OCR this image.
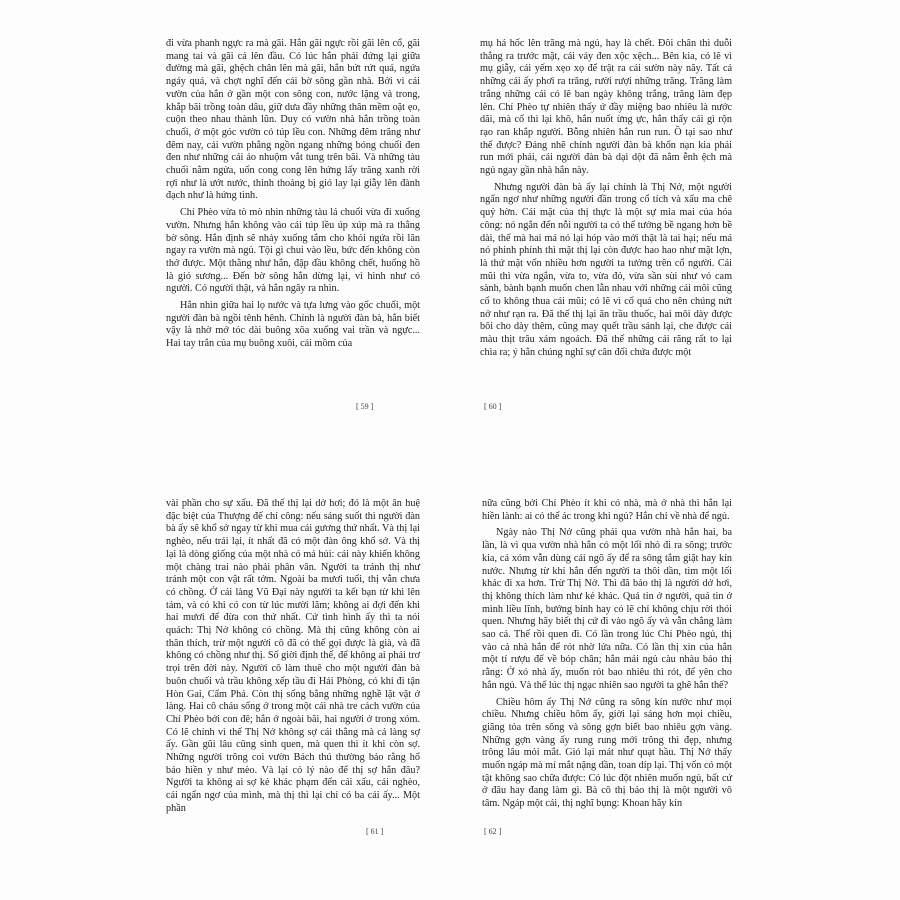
đi vừa phanh ngực ra mà gãi. Hắn gãi ngực rồi gãi lên cổ, gãi mang tai và gãi cả lên đầu. Có lúc hắn phải đứng lại giữa đường mà gãi, ghệch chân lên mà gãi, hắn bứt rứt quá, ngứa ngáy quá, và chợt nghĩ đến cái bờ sông gần nhà. Bởi vì cái vườn của hắn ở gần một con sông con, nước lặng và trong, khắp bãi trồng toàn dâu, giữ dưa đầy những thân mềm oặt ẹo, cuộn theo nhau thành lũn. Duy có vườn nhà hắn trồng toàn chuối, ở một góc vườn có túp lều con. Những đêm trăng như đêm nay, cái vườn phẳng ngồn ngang những bóng chuối đen đen như những cái áo nhuộm vắt tung trên bãi. Và những tàu chuối nằm ngửa, uốn cong cong lên hứng lấy trăng xanh rời rợi như là ướt nước, thỉnh thoảng bị gió lay lại giẫy lên đành đạch như là hứng tình.

Chí Phèo vừa tò mò nhìn những tàu lá chuối vừa đi xuống vườn. Nhưng hắn không vào cái túp lều úp xúp mà ra thẳng bờ sông. Hắn định sẽ nhảy xuống tắm cho khỏi ngứa rồi lăn ngay ra vườn mà ngủ. Tội gì chui vào lều, bức đến không còn thở được. Một thằng như hắn, đập đầu không chết, huống hồ là gió sương... Đến bờ sông hắn dừng lại, vì hình như có người. Có người thật, và hắn ngây ra nhìn.

Hắn nhìn giữa hai lọ nước và tựa lưng vào gốc chuối, một người đàn bà ngồi tênh hênh. Chính là người đàn bà, hắn biết vậy là nhờ mớ tóc dài buông xõa xuống vai trần và ngực... Hai tay trắn của mụ buông xuôi, cái mồm của

[ 59 ]

mụ há hốc lên trăng mà ngủ, hay là chết. Đôi chân thì duỗi thẳng ra trước mặt, cái váy đen xộc xệch... Bên kia, có lẽ vì mụ giẫy, cái yếm xẹo xọ để trật ra cái sườn này nãy. Tất cả những cái ấy phơi ra trăng, rười rượi những trăng. Trăng làm trắng những cái có lẽ ban ngày không trắng, trăng làm đẹp lên. Chí Phèo tự nhiên thấy ứ đầy miệng bao nhiêu là nước dãi, mà cổ thì lại khô, hắn nuốt ừng ực, hắn thấy cái gì rộn rạo ran khắp người. Bỗng nhiên hắn run run. Ồ tại sao như thế được? Đáng nhẽ chính người đàn bà khốn nạn kia phải run mới phải, cái người đàn bà dại dột đã nằm ễnh ệch mà ngủ ngay gần nhà hắn này.

Nhưng người đàn bà ấy lại chính là Thị Nở, một người ngẩn ngơ như những người đần trong cổ tích và xấu ma chê quỷ hờn. Cái mặt của thị thực là một sự mỉa mai của hóa công: nó ngắn đến nỗi người ta có thể tưởng bề ngang hơn bề dài, thế mà hai má nó lại hóp vào mới thật là tai hại; nếu má nó phinh phính thì mặt thị lại còn được hao hao như mặt lợn, là thứ mặt vốn nhiều hơn người ta tưởng trên cổ người. Cái mũi thì vừa ngắn, vừa to, vừa đỏ, vừa sần sùi như vỏ cam sành, bành bạnh muốn chen lẫn nhau với những cái môi cũng cố to không thua cái mũi; có lẽ vì cố quá cho nên chúng nứt nở như rạn ra. Đã thế thị lại ăn trầu thuốc, hai môi dày được bôi cho dày thêm, cũng may quết trầu sánh lại, che được cái màu thịt trâu xám ngoách. Đã thế những cái răng rất to lại chìa ra; ý hẳn chúng nghĩ sự cân đối chứa được một

[ 60 ]

vài phần cho sự xấu. Đã thế thị lại dở hơi; đó là một ân huệ đặc biệt của Thượng đế chí công: nếu sáng suốt thì người đàn bà ấy sẽ khổ sở ngay từ khi mua cái gương thứ nhất. Và thị lại nghèo, nếu trái lại, ít nhất đã có một đàn ông khổ sở. Và thị lại là dòng giống của một nhà có mả hủi: cái này khiến không một chàng trai nào phải phân vân. Người ta tránh thị như tránh một con vật rất tởm. Ngoài ba mươi tuổi, thị vẫn chưa có chồng. Ở cái làng Vũ Đại này người ta kết bạn từ khi lên tám, và có khi có con từ lúc mười lăm; không ai đợi đến khi hai mươi để đừa con thứ nhất. Cứ tình hình ấy thì ta nói quách: Thị Nở không có chồng. Mà thị cũng không còn ai thân thích, trừ một người cô đã có thể gọi được là già, và đã không có chồng như thị. Số giời định thế, để không ai phải trơ trọi trên đời này. Người cô làm thuê cho một người đàn bà buôn chuối và trầu không xếp tầu đi Hải Phòng, có khi đi tận Hòn Gai, Cẩm Phả. Còn thị sống bằng những nghề lặt vặt ở làng. Hai cô cháu sống ở trong một cái nhà tre cách vườn của Chí Phèo bởi con đê; hắn ở ngoài bãi, hai người ở trong xóm. Có lẽ chính vì thế Thị Nở không sợ cái thằng mà cả làng sợ ấy. Gần gũi lâu cũng sinh quen, mà quen thì ít khi còn sợ. Những người trông coi vườn Bách thú thường bảo rằng hổ báo hiền y như mèo. Và lại có lý nào để thị sợ hắn đâu? Người ta không ai sợ kẻ khác phạm đến cái xấu, cái nghèo, cái ngẩn ngơ của mình, mà thị thì lại chỉ có ba cái ấy... Một phần

[ 61 ]

nữa cũng bởi Chí Phèo ít khi có nhà, mà ở nhà thì hắn lại hiền lành: ai có thể ác trong khi ngủ? Hắn chỉ về nhà để ngủ.

Ngày nào Thị Nở cũng phải qua vườn nhà hắn hai, ba lần, là vì qua vườn nhà hắn có một lối nhỏ đi ra sông; trước kia, cả xóm vẫn dùng cái ngõ ấy để ra sông tắm giặt hay kín nước. Nhưng từ khi hắn đến người ta thôi dần, tìm một lối khác đi xa hơn. Trừ Thị Nở. Thì đã bảo thị là người dở hơi, thị không thích làm như kẻ khác. Quá tin ở người, quá tin ở mình liều lĩnh, bướng bỉnh hay có lẽ chỉ không chịu rời thói quen. Nhưng hãy biết thị cứ đi vào ngõ ấy và vẫn chẳng làm sao cả. Thế rồi quen đi. Có lần trong lúc Chí Phèo ngủ, thị vào cả nhà hắn để rót nhờ lửa nữa. Có lần thị xin của hắn một tí rượu để về bóp chân; hắn mải ngủ càu nhàu bảo thị rằng: Ở xó nhà ấy, muốn rót bao nhiêu thì rót, để yên cho hắn ngủ. Và thế lúc thị ngạc nhiên sao người ta ghê hắn thế?

Chiều hôm ấy Thị Nở cũng ra sông kín nước như mọi chiều. Nhưng chiều hôm ấy, giời lại sáng hơn mọi chiều, giăng tỏa trên sông và sông gợn biết bao nhiêu gợn vàng. Những gợn vàng ấy rung rung mới trông thì đẹp, nhưng trông lâu mỏi mắt. Gió lại mát như quạt hầu. Thị Nở thấy muốn ngáp mà mí mắt nặng dần, toan díp lại. Thị vốn có một tật không sao chữa được: Có lúc đột nhiên muốn ngủ, bất cứ ở đâu hay đang làm gì. Bà cô thị bảo thị là một người vô tâm. Ngáp một cái, thị nghĩ bụng: Khoan hãy kín

[ 62 ]
